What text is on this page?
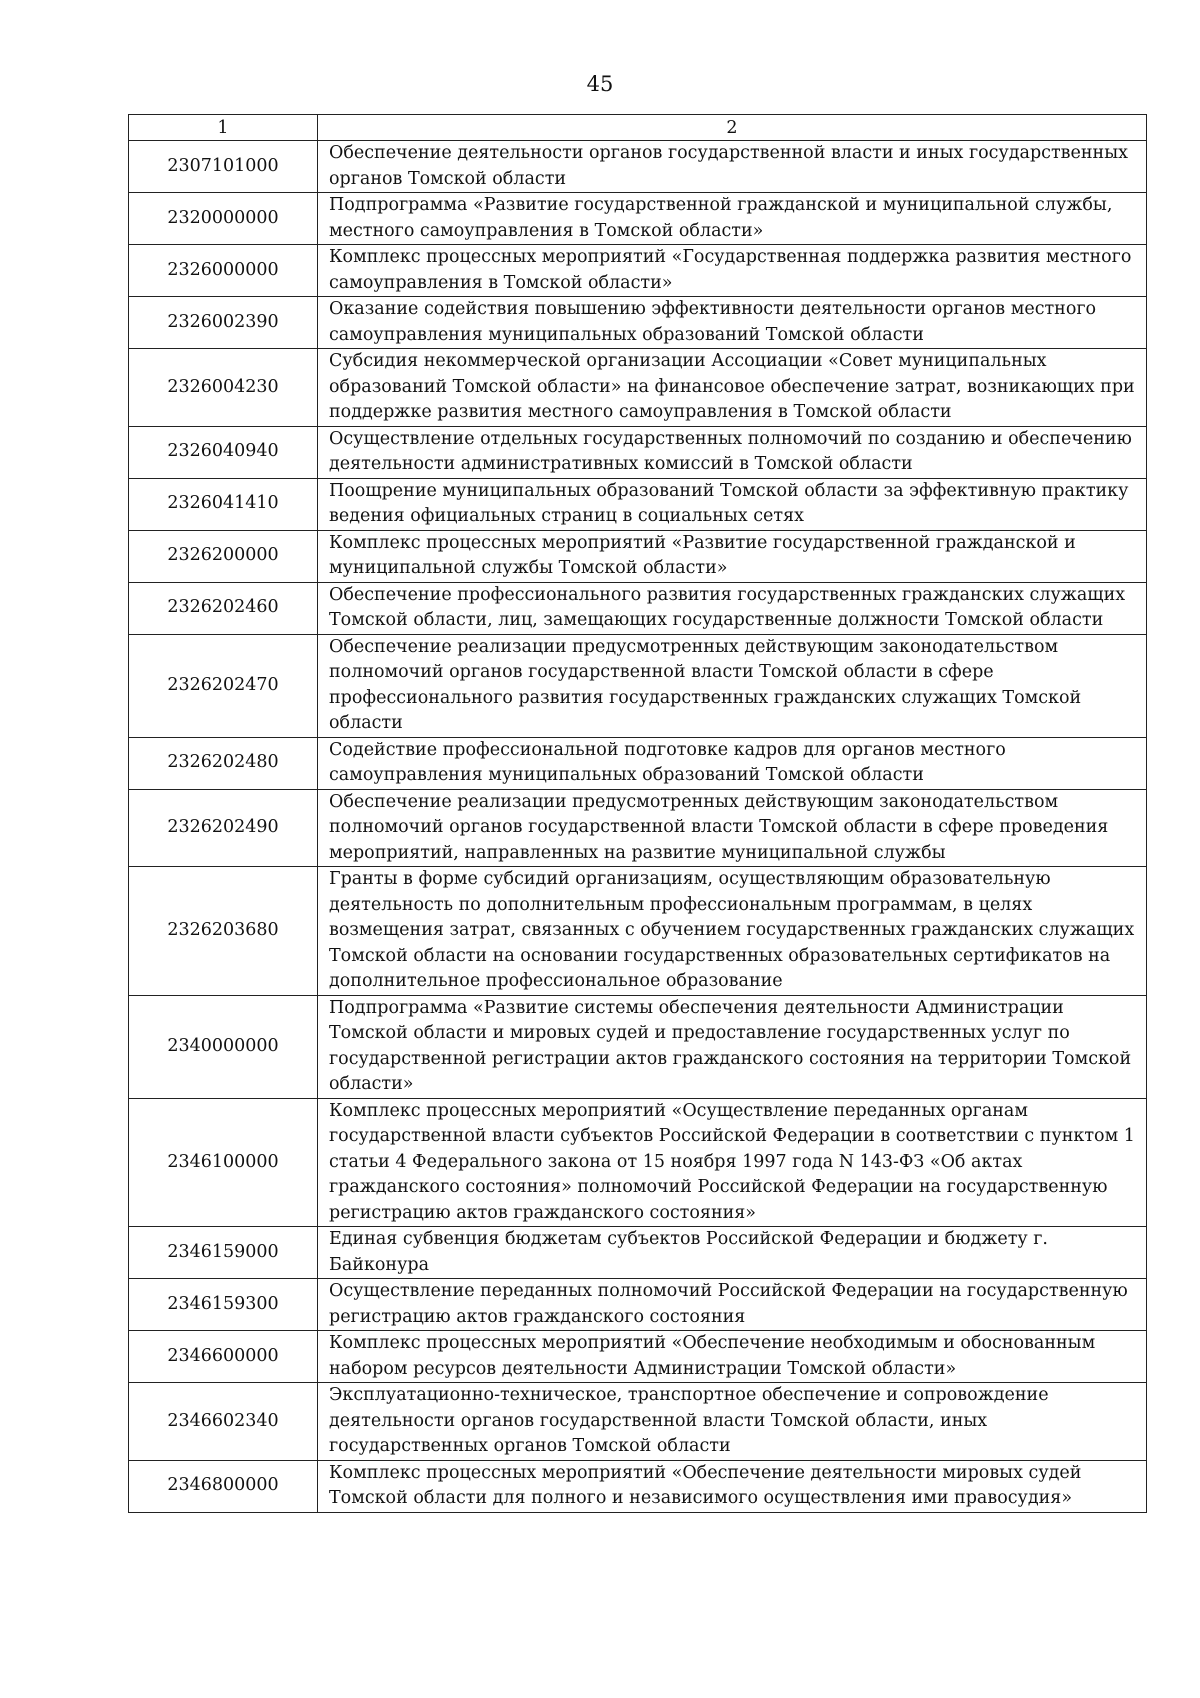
45
1	2
2307101000	Обеспечение деятельности органов государственной власти и иных государственных органов Томской области
2320000000	Подпрограмма «Развитие государственной гражданской и муниципальной службы, местного самоуправления в Томской области»
2326000000	Комплекс процессных мероприятий «Государственная поддержка развития местного самоуправления в Томской области»
2326002390	Оказание содействия повышению эффективности деятельности органов местного самоуправления муниципальных образований Томской области
2326004230	Субсидия некоммерческой организации Ассоциации «Совет муниципальных образований Томской области» на финансовое обеспечение затрат, возникающих при поддержке развития местного самоуправления в Томской области
2326040940	Осуществление отдельных государственных полномочий по созданию и обеспечению деятельности административных комиссий в Томской области
2326041410	Поощрение муниципальных образований Томской области за эффективную практику ведения официальных страниц в социальных сетях
2326200000	Комплекс процессных мероприятий «Развитие государственной гражданской и муниципальной службы Томской области»
2326202460	Обеспечение профессионального развития государственных гражданских служащих Томской области, лиц, замещающих государственные должности Томской области
2326202470	Обеспечение реализации предусмотренных действующим законодательством полномочий органов государственной власти Томской области в сфере профессионального развития государственных гражданских служащих Томской области
2326202480	Содействие профессиональной подготовке кадров для органов местного самоуправления муниципальных образований Томской области
2326202490	Обеспечение реализации предусмотренных действующим законодательством полномочий органов государственной власти Томской области в сфере проведения мероприятий, направленных на развитие муниципальной службы
2326203680	Гранты в форме субсидий организациям, осуществляющим образовательную деятельность по дополнительным профессиональным программам, в целях возмещения затрат, связанных с обучением государственных гражданских служащих Томской области на основании государственных образовательных сертификатов на дополнительное профессиональное образование
2340000000	Подпрограмма «Развитие системы обеспечения деятельности Администрации Томской области и мировых судей и предоставление государственных услуг по государственной регистрации актов гражданского состояния на территории Томской области»
2346100000	Комплекс процессных мероприятий «Осуществление переданных органам государственной власти субъектов Российской Федерации в соответствии с пунктом 1 статьи 4 Федерального закона от 15 ноября 1997 года N 143-ФЗ «Об актах гражданского состояния» полномочий Российской Федерации на государственную регистрацию актов гражданского состояния»
2346159000	Единая субвенция бюджетам субъектов Российской Федерации и бюджету г. Байконура
2346159300	Осуществление переданных полномочий Российской Федерации на государственную регистрацию актов гражданского состояния
2346600000	Комплекс процессных мероприятий «Обеспечение необходимым и обоснованным набором ресурсов деятельности Администрации Томской области»
2346602340	Эксплуатационно-техническое, транспортное обеспечение и сопровождение деятельности органов государственной власти Томской области, иных государственных органов Томской области
2346800000	Комплекс процессных мероприятий «Обеспечение деятельности мировых судей Томской области для полного и независимого осуществления ими правосудия»
